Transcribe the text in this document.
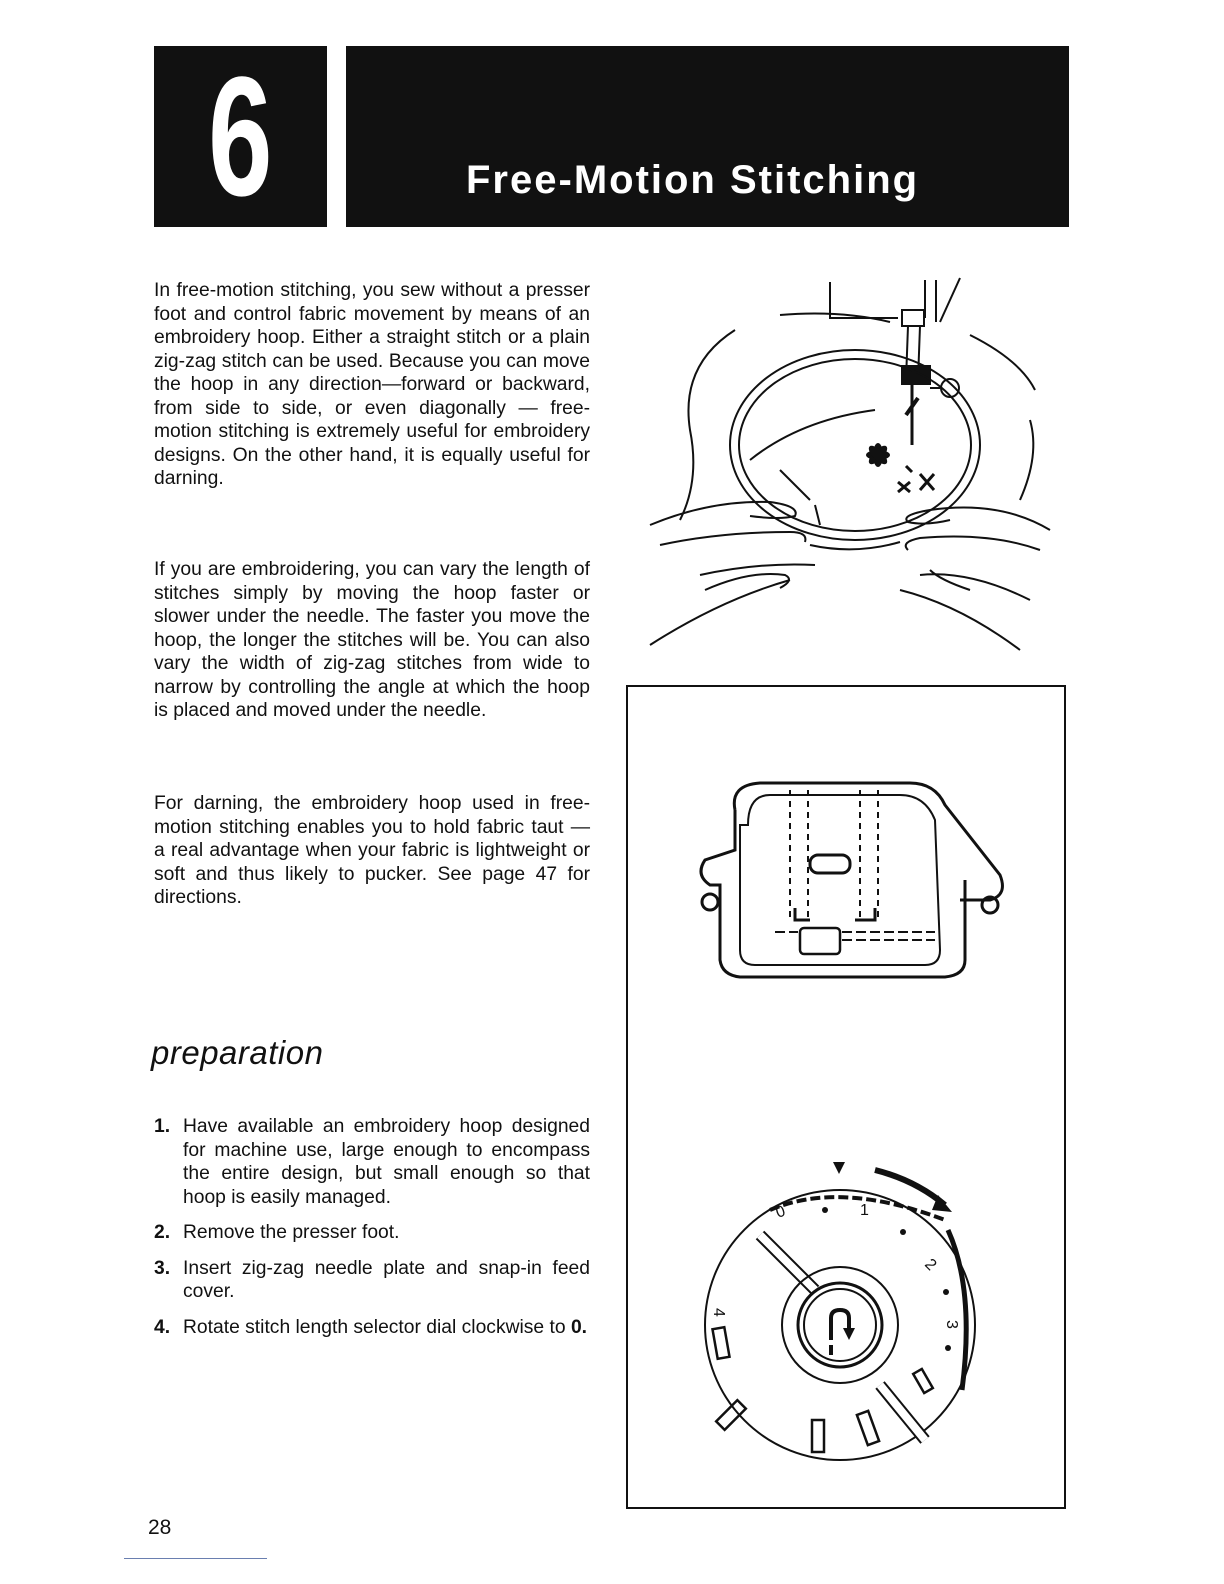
6	Free-Motion Stitching

In free-motion stitching, you sew without a presser foot and control fabric movement by means of an embroidery hoop. Either a straight stitch or a plain zig-zag stitch can be used. Because you can move the hoop in any direction—forward or backward, from side to side, or even diagonally — free-motion stitching is extremely useful for embroidery designs. On the other hand, it is equally useful for darning.

If you are embroidering, you can vary the length of stitches simply by moving the hoop faster or slower under the needle. The faster you move the hoop, the longer the stitches will be. You can also vary the width of zig-zag stitches from wide to narrow by controlling the angle at which the hoop is placed and moved under the needle.

For darning, the embroidery hoop used in free-motion stitching enables you to hold fabric taut — a real advantage when your fabric is lightweight or soft and thus likely to pucker. See page 47 for directions.

preparation
1. Have available an embroidery hoop designed for machine use, large enough to encompass the entire design, but small enough so that hoop is easily managed.
2. Remove the presser foot.
3. Insert zig-zag needle plate and snap-in feed cover.
4. Rotate stitch length selector dial clockwise to 0.

28

0	1
2
3
4
